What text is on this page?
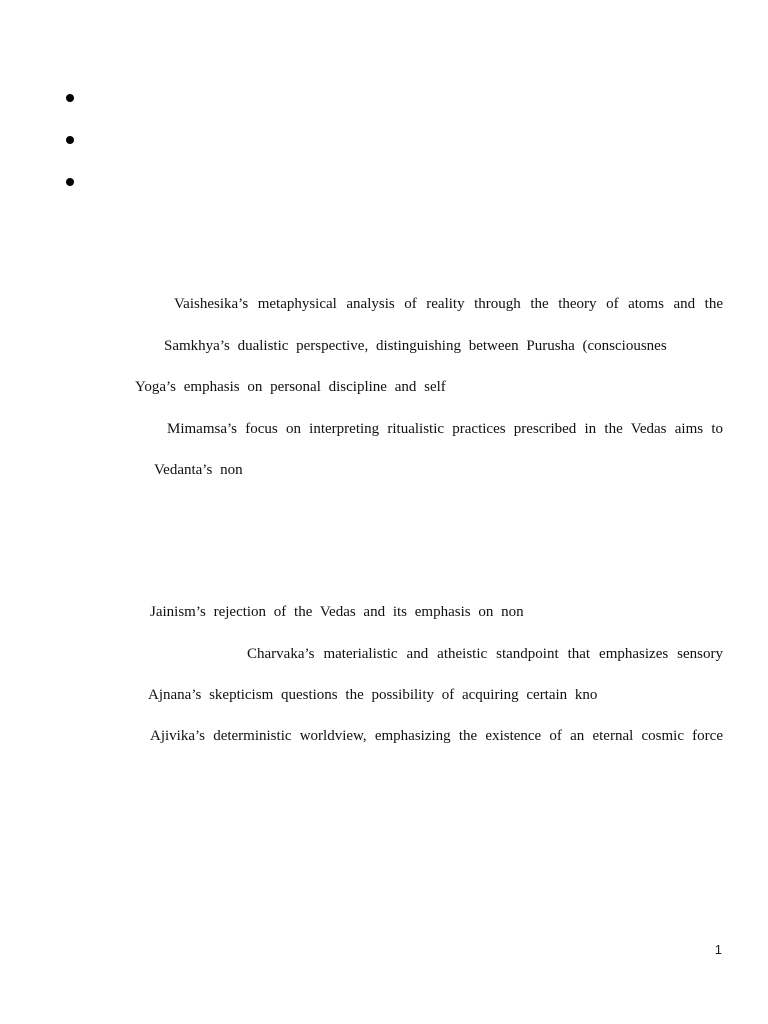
Vaishesika’s metaphysical analysis of reality through the theory of atoms and the
Samkhya’s dualistic perspective, distinguishing between Purusha (consciousnes
Yoga’s emphasis on personal discipline and self
Mimamsa’s focus on interpreting ritualistic practices prescribed in the Vedas aims to
Vedanta’s non
Jainism’s rejection of the Vedas and its emphasis on non
Charvaka’s materialistic and atheistic standpoint that emphasizes sensory
Ajnana’s skepticism questions the possibility of acquiring certain kno
Ajivika’s deterministic worldview, emphasizing the existence of an eternal cosmic force
1
